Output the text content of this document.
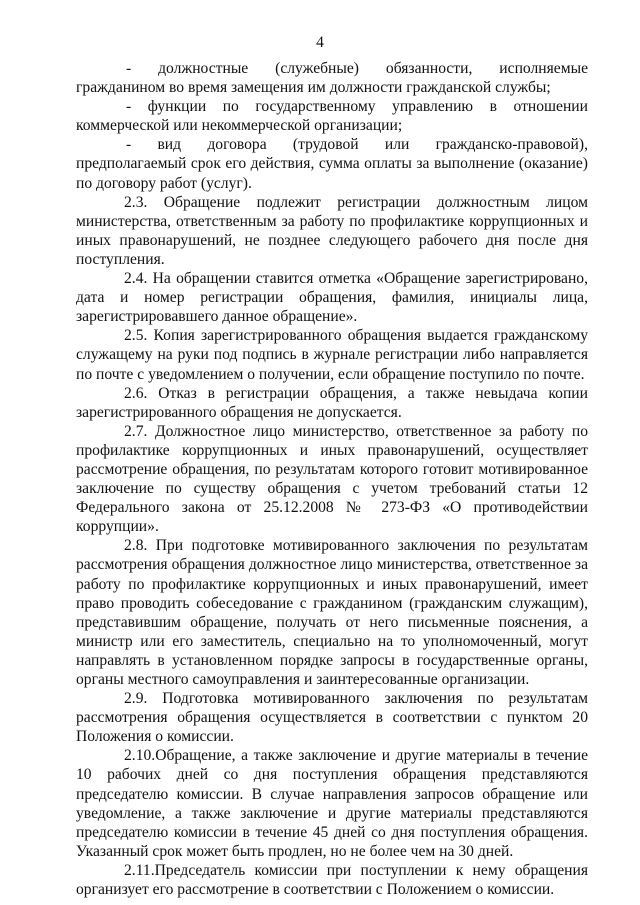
4

- должностные (служебные) обязанности, исполняемые гражданином во время замещения им должности гражданской службы;

- функции по государственному управлению в отношении коммерческой или некоммерческой организации;

- вид договора (трудовой или гражданско-правовой), предполагаемый срок его действия, сумма оплаты за выполнение (оказание) по договору работ (услуг).

2.3. Обращение подлежит регистрации должностным лицом министерства, ответственным за работу по профилактике коррупционных и иных правонарушений, не позднее следующего рабочего дня после дня поступления.

2.4. На обращении ставится отметка «Обращение зарегистрировано, дата и номер регистрации обращения, фамилия, инициалы лица, зарегистрировавшего данное обращение».

2.5. Копия зарегистрированного обращения выдается гражданскому служащему на руки под подпись в журнале регистрации либо направляется по почте с уведомлением о получении, если обращение поступило по почте.

2.6. Отказ в регистрации обращения, а также невыдача копии зарегистрированного обращения не допускается.

2.7. Должностное лицо министерство, ответственное за работу по профилактике коррупционных и иных правонарушений, осуществляет рассмотрение обращения, по результатам которого готовит мотивированное заключение по существу обращения с учетом требований статьи 12 Федерального закона от 25.12.2008 № 273-ФЗ «О противодействии коррупции».

2.8. При подготовке мотивированного заключения по результатам рассмотрения обращения должностное лицо министерства, ответственное за работу по профилактике коррупционных и иных правонарушений, имеет право проводить собеседование с гражданином (гражданским служащим), представившим обращение, получать от него письменные пояснения, а министр или его заместитель, специально на то уполномоченный, могут направлять в установленном порядке запросы в государственные органы, органы местного самоуправления и заинтересованные организации.

2.9. Подготовка мотивированного заключения по результатам рассмотрения обращения осуществляется в соответствии с пунктом 20 Положения о комиссии.

2.10.Обращение, а также заключение и другие материалы в течение 10 рабочих дней со дня поступления обращения представляются председателю комиссии. В случае направления запросов обращение или уведомление, а также заключение и другие материалы представляются председателю комиссии в течение 45 дней со дня поступления обращения. Указанный срок может быть продлен, но не более чем на 30 дней.

2.11.Председатель комиссии при поступлении к нему обращения организует его рассмотрение в соответствии с Положением о комиссии.
